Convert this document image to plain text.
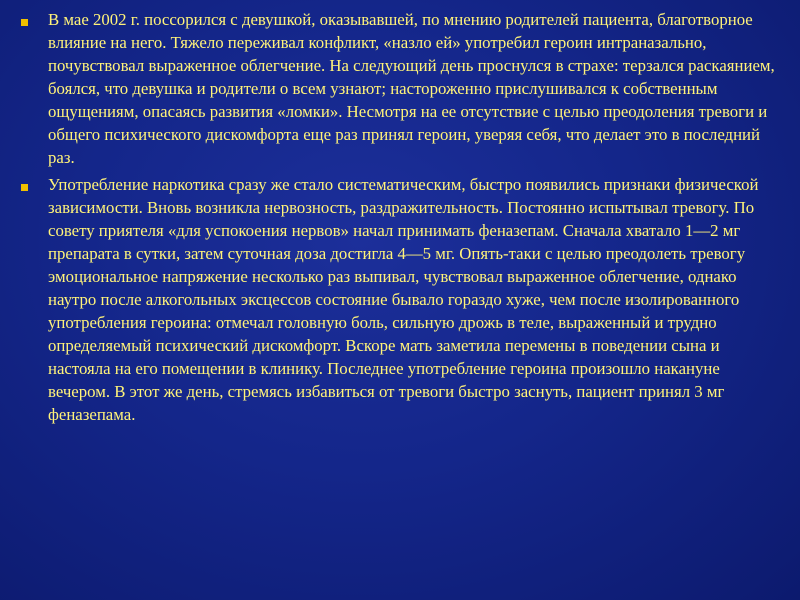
В мае 2002 г. поссорился с девушкой, оказывавшей, по мнению родителей пациента, благотворное влияние на него. Тяжело переживал конфликт, «назло ей» употребил героин интраназально, почувствовал выраженное облегчение. На следующий день проснулся в страхе: терзался раскаянием, боялся, что девушка и родители о всем узнают; настороженно прислушивался к собственным ощущениям, опасаясь развития «ломки». Несмотря на ее отсутствие с целью преодоления тревоги и общего психического дискомфорта еще раз принял героин, уверяя себя, что делает это в последний раз.

Употребление наркотика сразу же стало систематическим, быстро появились признаки физической зависимости. Вновь возникла нервозность, раздражительность. Постоянно испытывал тревогу. По совету приятеля «для успокоения нервов» начал принимать феназепам. Сначала хватало 1—2 мг препарата в сутки, затем суточная доза достигла 4—5 мг. Опять-таки с целью преодолеть тревогу эмоциональное напряжение несколько раз выпивал, чувствовал выраженное облегчение, однако наутро после алкогольных эксцессов состояние бывало гораздо хуже, чем после изолированного употребления героина: отмечал головную боль, сильную дрожь в теле, выраженный и трудно определяемый психический дискомфорт. Вскоре мать заметила перемены в поведении сына и настояла на его помещении в клинику. Последнее употребление героина произошло накануне вечером. В этот же день, стремясь избавиться от тревоги быстро заснуть, пациент принял 3 мг феназепама.
